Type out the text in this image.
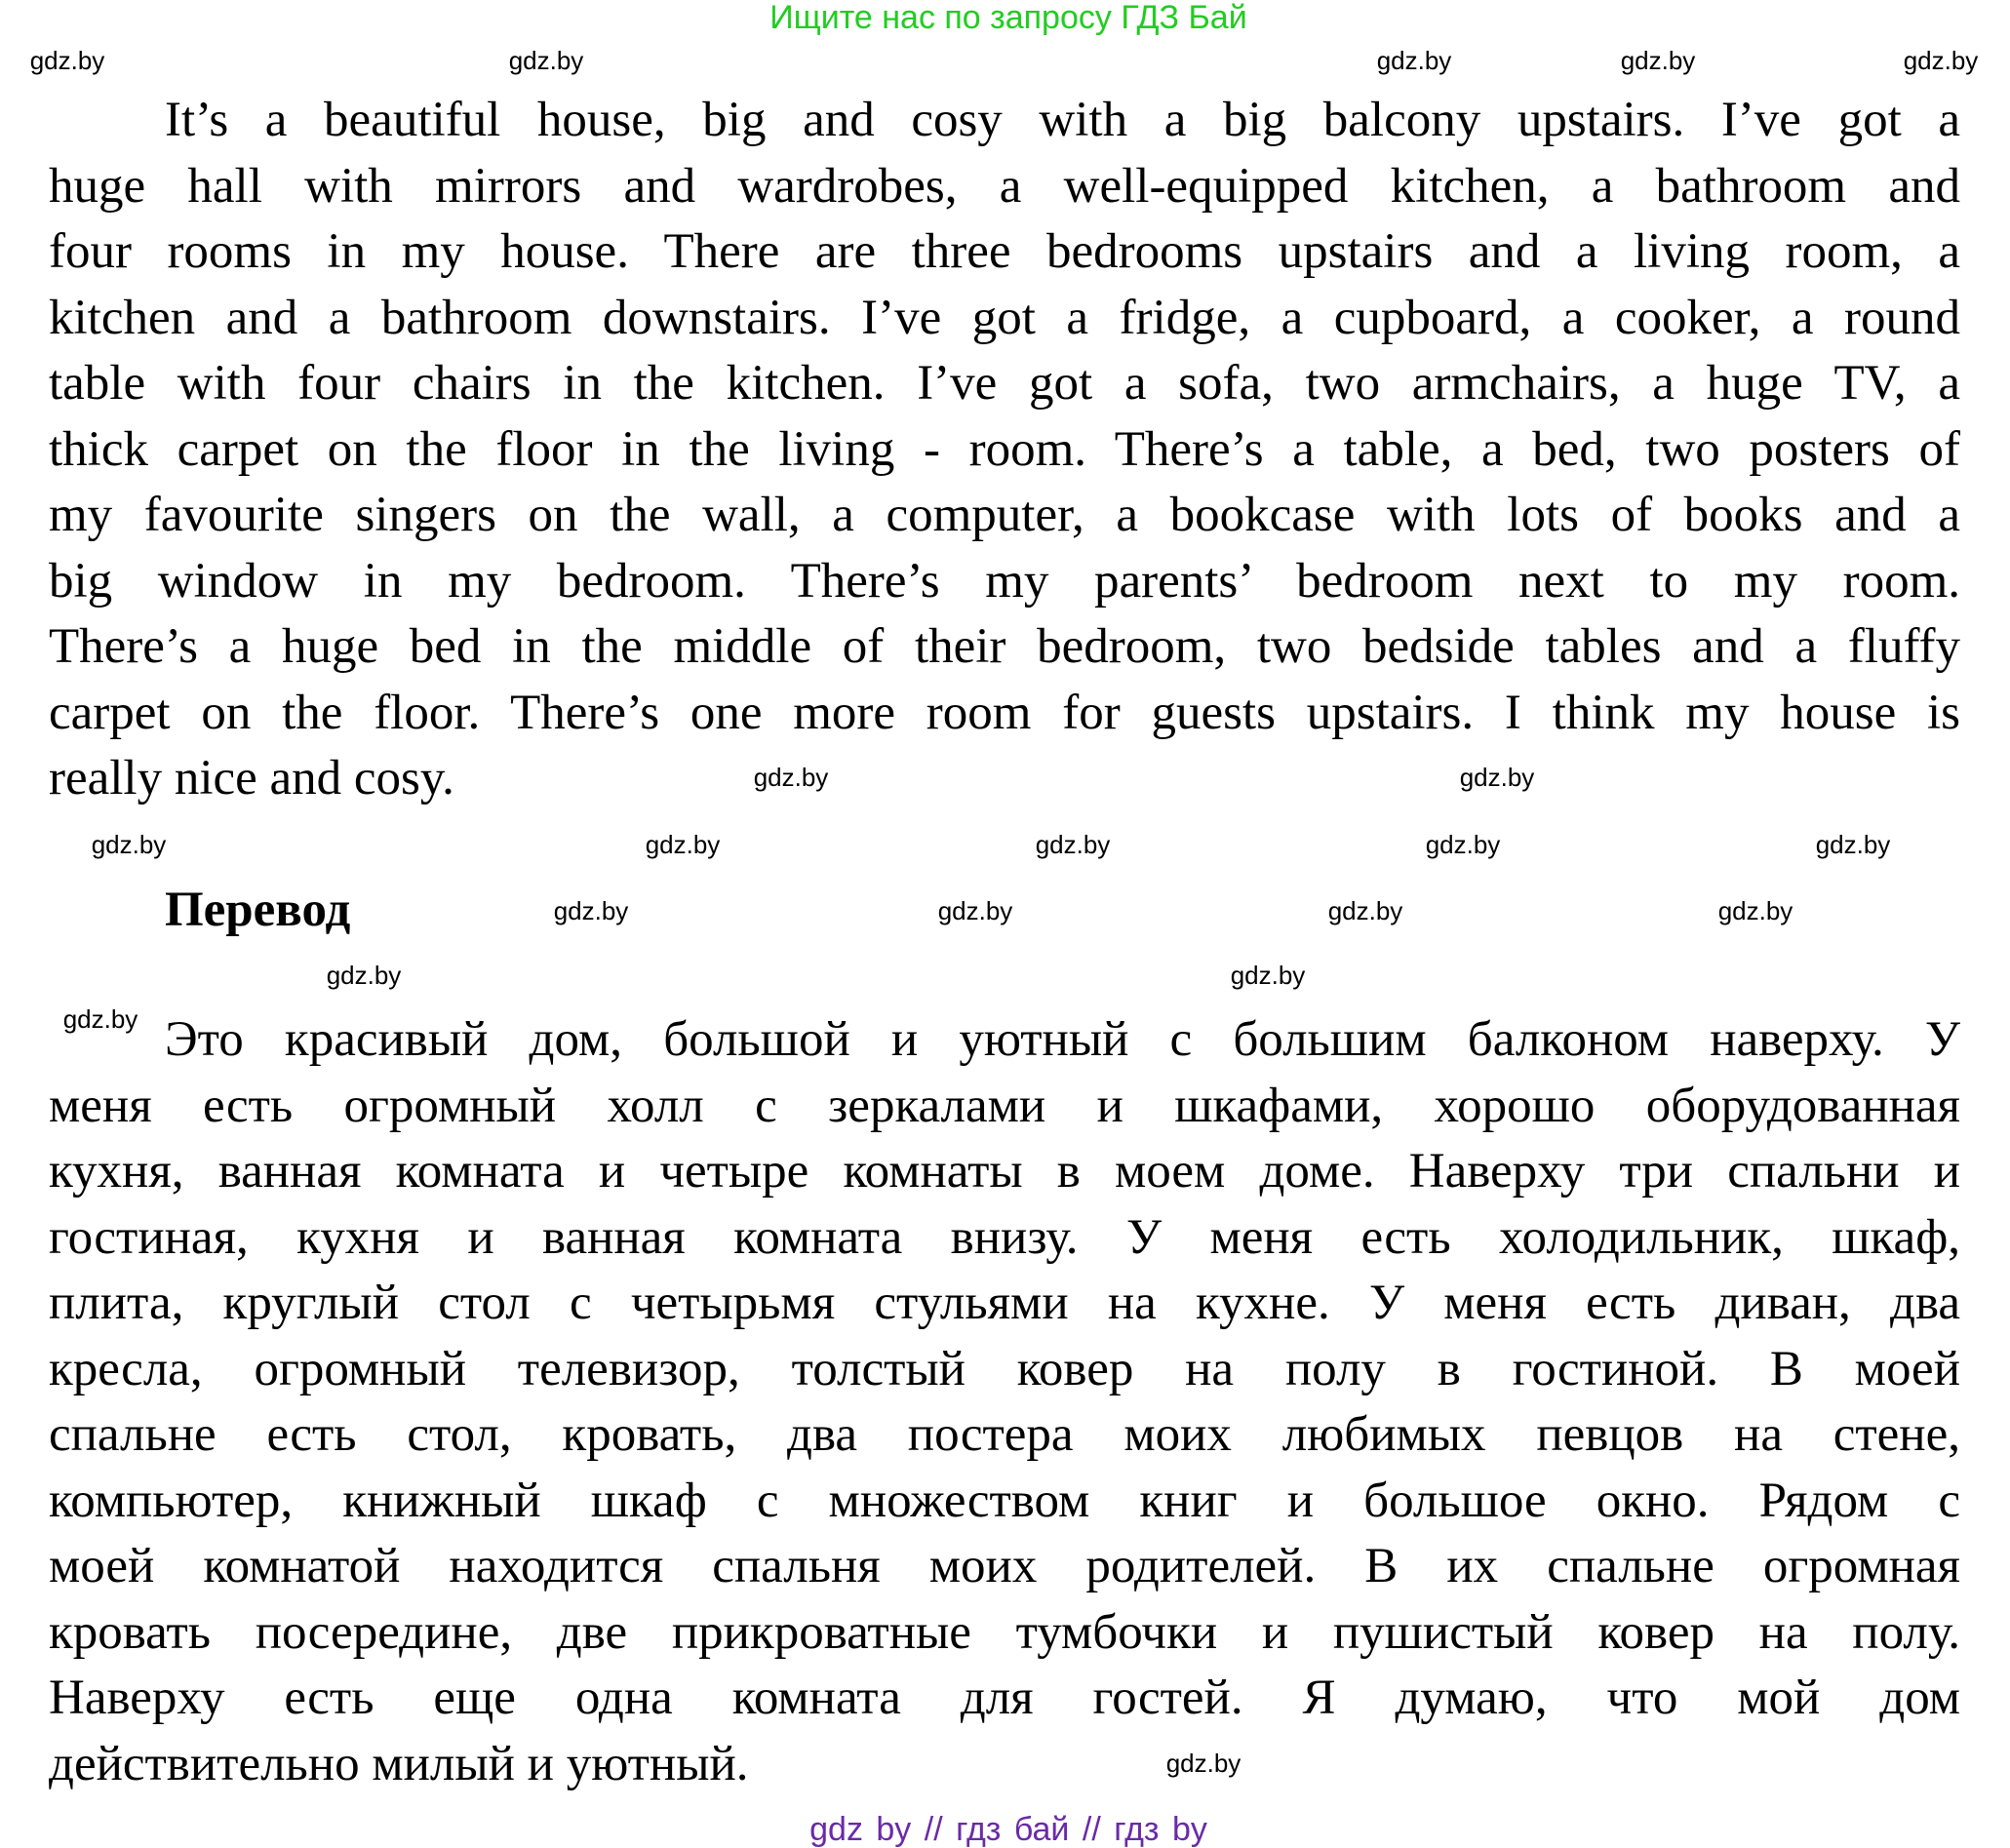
Ищите нас по запросу ГДЗ Бай
It’s a beautiful house, big and cosy with a big balcony upstairs. I’ve got a
huge hall with mirrors and wardrobes, a well-equipped kitchen, a bathroom and
four rooms in my house. There are three bedrooms upstairs and a living room, a
kitchen and a bathroom downstairs. I’ve got a fridge, a cupboard, a cooker, a round
table with four chairs in the kitchen. I’ve got a sofa, two armchairs, a huge TV, a
thick carpet on the floor in the living - room. There’s a table, a bed, two posters of
my favourite singers on the wall, a computer, a bookcase with lots of books and a
big window in my bedroom. There’s my parents’ bedroom next to my room.
There’s a huge bed in the middle of their bedroom, two bedside tables and a fluffy
carpet on the floor. There’s one more room for guests upstairs. I think my house is
really nice and cosy.
Перевод
Это красивый дом, большой и уютный с большим балконом наверху. У
меня есть огромный холл с зеркалами и шкафами, хорошо оборудованная
кухня, ванная комната и четыре комнаты в моем доме. Наверху три спальни и
гостиная, кухня и ванная комната внизу. У меня есть холодильник, шкаф,
плита, круглый стол с четырьмя стульями на кухне. У меня есть диван, два
кресла, огромный телевизор, толстый ковер на полу в гостиной. В моей
спальне есть стол, кровать, два постера моих любимых певцов на стене,
компьютер, книжный шкаф с множеством книг и большое окно. Рядом с
моей комнатой находится спальня моих родителей. В их спальне огромная
кровать посередине, две прикроватные тумбочки и пушистый ковер на полу.
Наверху есть еще одна комната для гостей. Я думаю, что мой дом
действительно милый и уютный.
gdz.by	gdz.by	gdz.by	gdz.by	gdz.by
gdz.by	gdz.by	gdz.by	gdz.by	gdz.by
gdz.by	gdz.by	gdz.by	gdz.by
gdz.by	gdz.by
gdz.by
gdz.by	gdz.by
gdz.by
gdz by // гдз бай // гдз by
